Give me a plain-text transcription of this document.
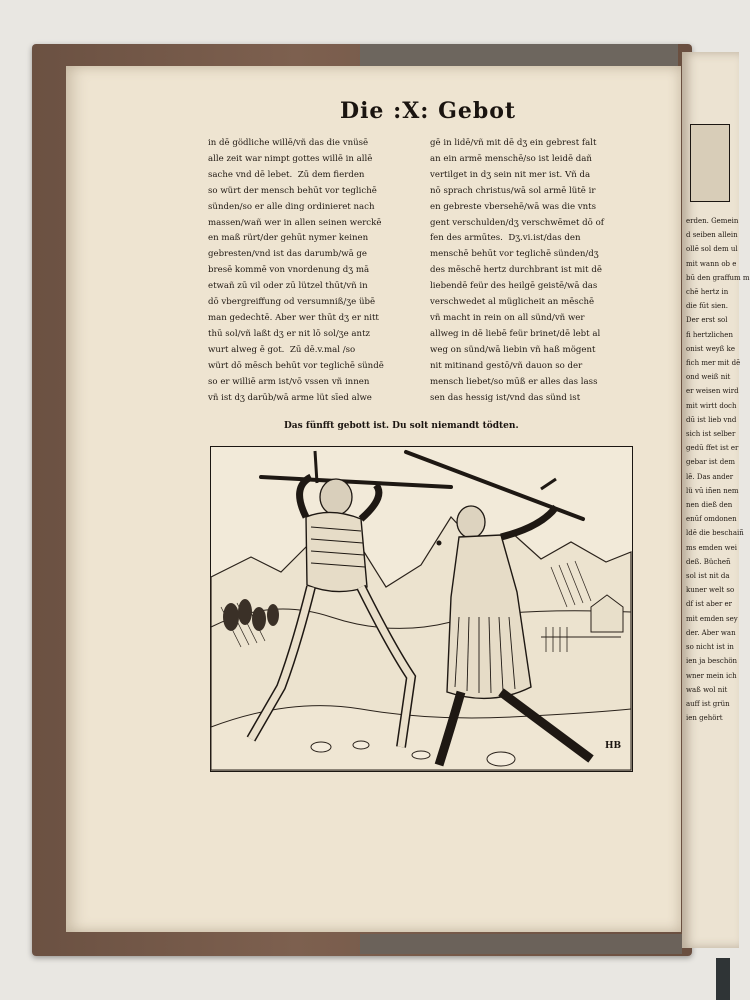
Die :X: Gebot
in dē gödliche willē/vñ das die vnüsē
alle zeit war nimpt gottes willē in allē
sache vnd dē lebet.  Zū dem fierden
so würt der mensch behūt vor teglichē
sünden/so er alle ding ordinieret nach
massen/wañ wer in allen seinen werckē
en maß rürt/der gehūt nymer keinen
gebresten/vnd ist das darumb/wā ge
bresē kommē von vnordenung dʒ mā
etwañ zū vil oder zū lützel thūt/vñ in
dō vbergreiffung od versumniß/ʒe übē
man gedechtē. Aber wer thūt dʒ er nitt
thū sol/vñ laßt dʒ er nit lō sol/ʒe antz
wurt alweg ē got.  Zū dē.v.mal /so
würt dō mēsch behūt vor teglichē sündē
so er williē arm ist/vō vssen vñ innen
vñ ist dʒ darūb/wā arme lüt sīed alwe
gē in lidē/vñ mit dē dʒ ein gebrest falt
an ein armē menschē/so ist leidē dañ
vertilget in dʒ sein nit mer ist. Vñ da
nō sprach christus/wā sol armē lütē ir
en gebreste vbersehē/wā was die vnts
gent verschulden/dʒ verschwēmet dō of
fen des armūtes.  Dʒ.vi.ist/das den
menschē behūt vor teglichē sünden/dʒ
des mēschē hertz durchbrant ist mit dē
liebendē feür des heilgē geistē/wā das
verschwedet al müglicheit an mēschē
vñ macht in rein on all sünd/vñ wer
allweg in dē liebē feür brinet/dē lebt al
weg on sünd/wā liebin vñ haß mögent
nit mitinand gestō/vñ dauon so der
mensch liebet/so mūß er alles das lass
sen das hessig ist/vnd das sünd ist
Das fünfft gebott ist. Du solt niemandt tödten.
HB
erden. Gemein
d seiben allein
ollē sol dem ul
mit wann ob e
bū den graffum m
chē hertz in
die fūt sien.
Der erst sol
fi hertzlichen
onist weyß ke
fich mer mit dē
ond weiß nit
er weisen wird
mit wirtt doch
dū ist lieb vnd
sich ist selber
gedū ffet ist er
gebar ist dem
lē. Das ander
lü vū iñen nem
nen dieß den
enūf omdonen
ldē die beschaiñ
ms emden wei
deß. Bücheñ
sol ist nit da
kuner welt so
df ist aber er
mit emden sey
der. Aber wan
so nicht ist in
ien ja beschön
wner mein ich
waß wol nit
auff ist grün
ien gehört
